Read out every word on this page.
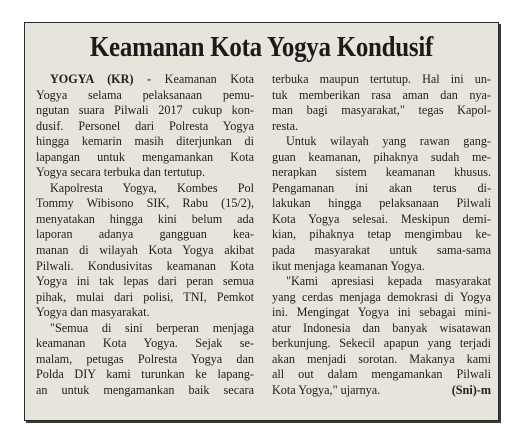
Keamanan Kota Yogya Kondusif
YOGYA (KR) - Keamanan Kota
Yogya selama pelaksanaan pemu-
ngutan suara Pilwali 2017 cukup kon-
dusif. Personel dari Polresta Yogya
hingga kemarin masih diterjunkan di
lapangan untuk mengamankan Kota
Yogya secara terbuka dan tertutup.
Kapolresta Yogya, Kombes Pol
Tommy Wibisono SIK, Rabu (15/2),
menyatakan hingga kini belum ada
laporan adanya gangguan kea-
manan di wilayah Kota Yogya akibat
Pilwali. Kondusivitas keamanan Kota
Yogya ini tak lepas dari peran semua
pihak, mulai dari polisi, TNI, Pemkot
Yogya dan masyarakat.
"Semua di sini berperan menjaga
keamanan Kota Yogya. Sejak se-
malam, petugas Polresta Yogya dan
Polda DIY kami turunkan ke lapang-
an untuk mengamankan baik secara
terbuka maupun tertutup. Hal ini un-
tuk memberikan rasa aman dan nya-
man bagi masyarakat," tegas Kapol-
resta.
Untuk wilayah yang rawan gang-
guan keamanan, pihaknya sudah me-
nerapkan sistem keamanan khusus.
Pengamanan ini akan terus di-
lakukan hingga pelaksanaan Pilwali
Kota Yogya selesai. Meskipun demi-
kian, pihaknya tetap mengimbau ke-
pada masyarakat untuk sama-sama
ikut menjaga keamanan Yogya.
"Kami apresiasi kepada masyarakat
yang cerdas menjaga demokrasi di Yogya
ini. Mengingat Yogya ini sebagai mini-
atur Indonesia dan banyak wisatawan
berkunjung. Sekecil apapun yang terjadi
akan menjadi sorotan. Makanya kami
all out dalam mengamankan Pilwali
Kota Yogya," ujarnya.	(Sni)-m
